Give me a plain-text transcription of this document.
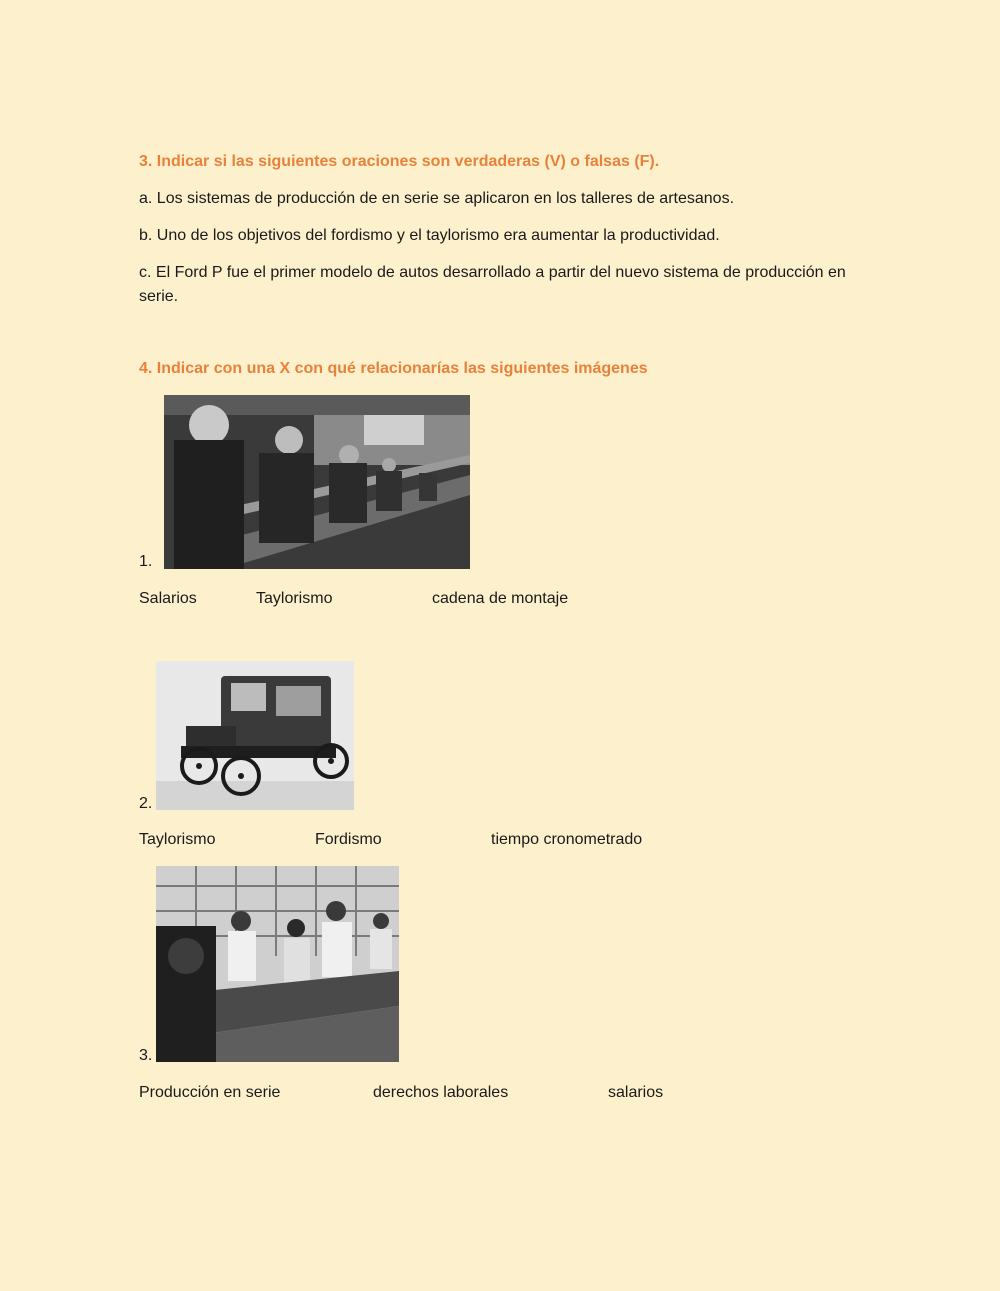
3. Indicar si las siguientes oraciones son verdaderas (V) o falsas (F).
a. Los sistemas de producción de en serie se aplicaron en los talleres de artesanos.
b. Uno de los objetivos del fordismo y el taylorismo era aumentar la productividad.
c. El Ford P fue el primer modelo de autos desarrollado a partir del nuevo sistema de producción en serie.
4. Indicar con una X con qué relacionarías las siguientes imágenes
1.
Salarios	Taylorismo	cadena de montaje
2.
Taylorismo	Fordismo	tiempo cronometrado
3.
Producción en serie	derechos laborales	salarios
